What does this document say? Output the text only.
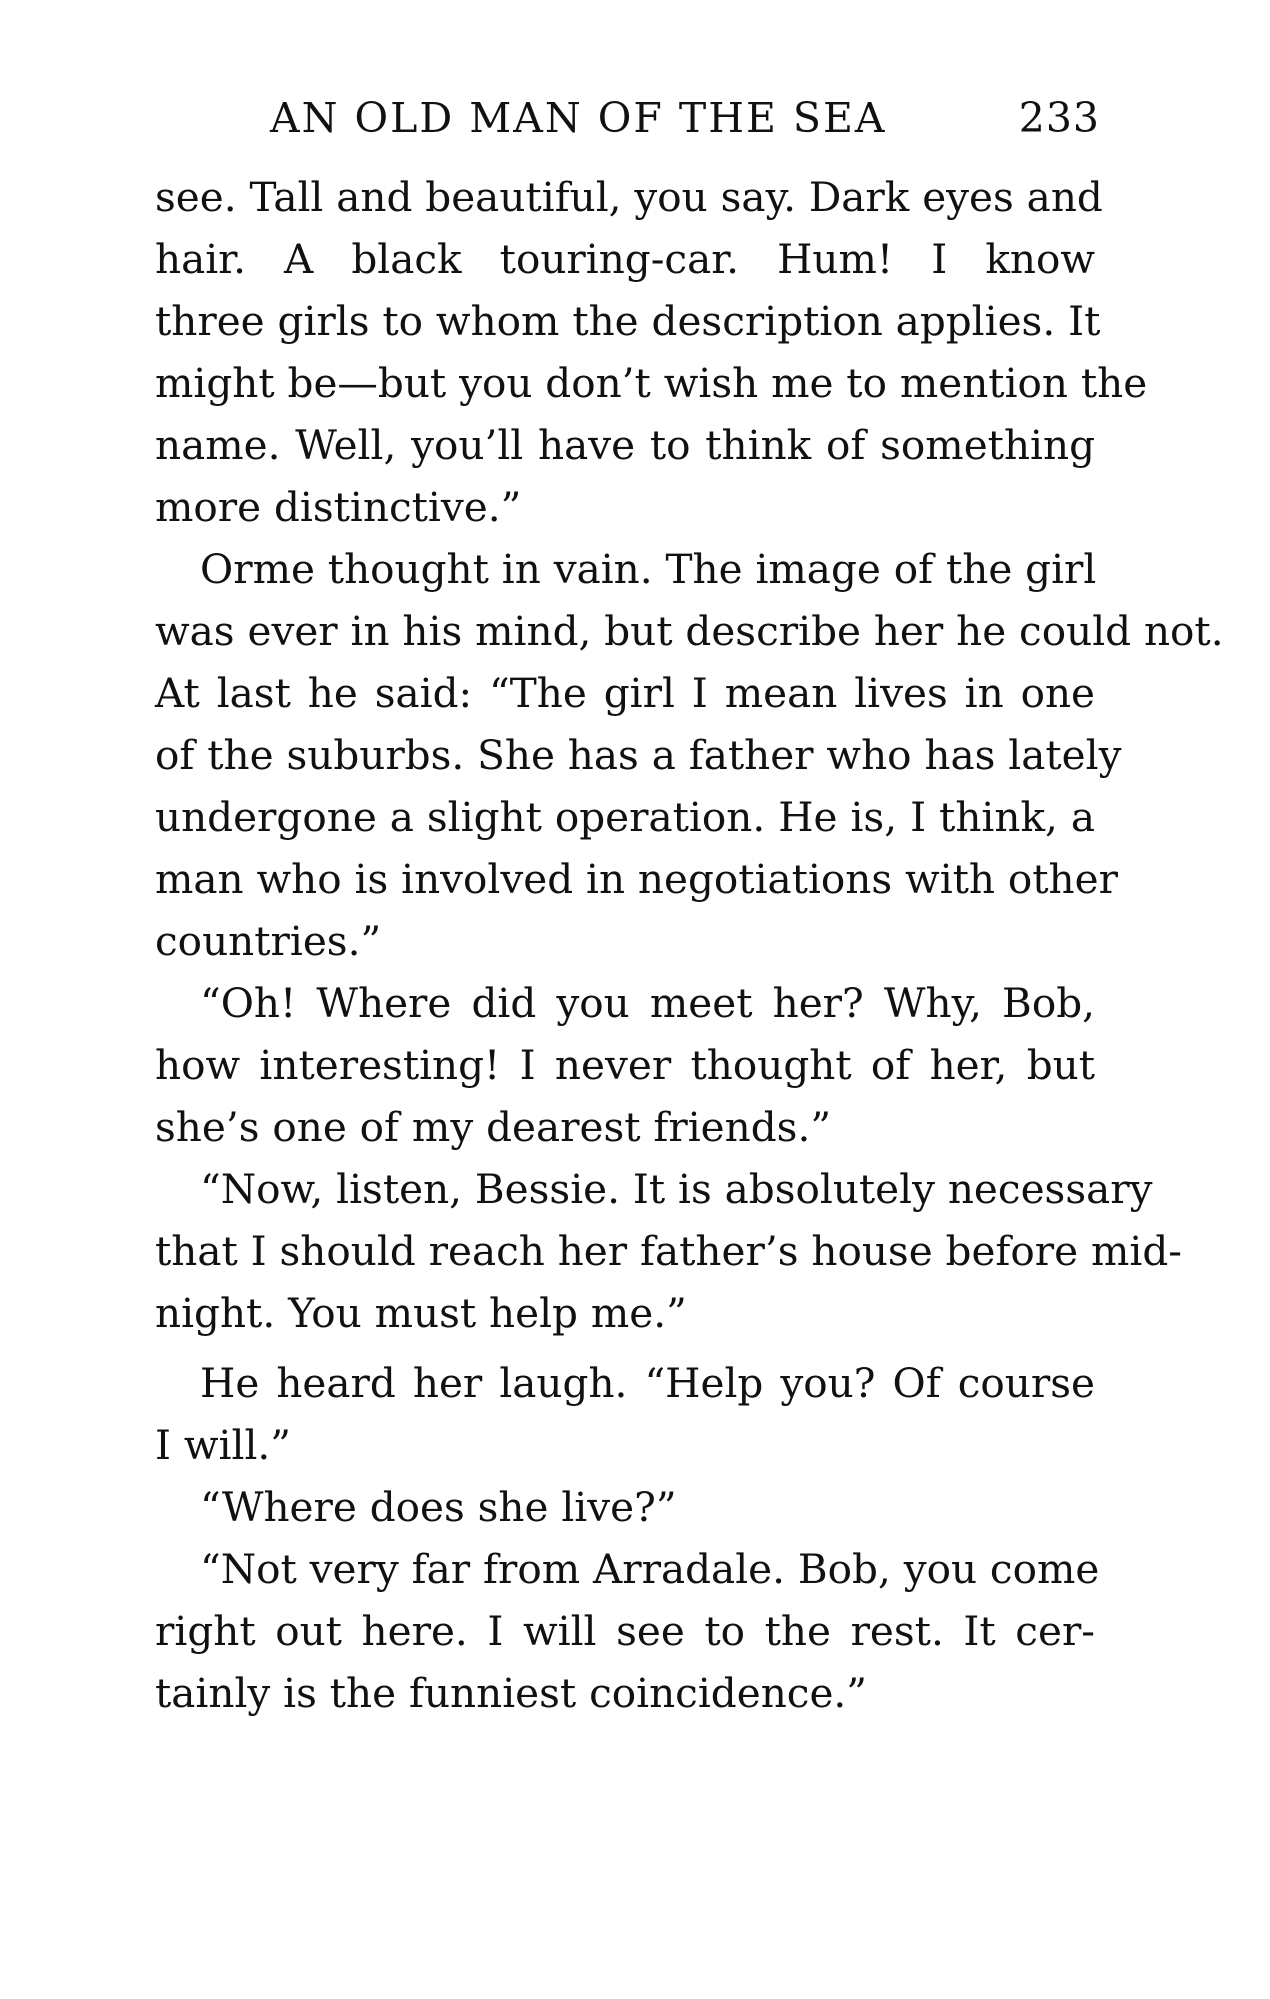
AN OLD MAN OF THE SEA	233
see. Tall and beautiful, you say. Dark eyes and
hair. A black touring-car. Hum! I know
three girls to whom the description applies. It
might be—but you don’t wish me to mention the
name. Well, you’ll have to think of something
more distinctive.”
Orme thought in vain. The image of the girl
was ever in his mind, but describe her he could not.
At last he said: “The girl I mean lives in one
of the suburbs. She has a father who has lately
undergone a slight operation. He is, I think, a
man who is involved in negotiations with other
countries.”
“Oh! Where did you meet her? Why, Bob,
how interesting! I never thought of her, but
she’s one of my dearest friends.”
“Now, listen, Bessie. It is absolutely necessary
that I should reach her father’s house before mid-
night. You must help me.”
He heard her laugh. “Help you? Of course
I will.”
“Where does she live?”
“Not very far from Arradale. Bob, you come
right out here. I will see to the rest. It cer-
tainly is the funniest coincidence.”
